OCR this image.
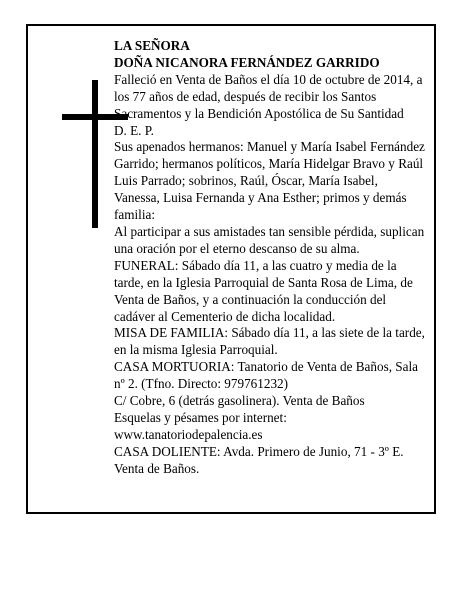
LA SEÑORA

DOÑA NICANORA FERNÁNDEZ GARRIDO

Falleció en Venta de Baños el día 10 de octubre de 2014, a los 77 años de edad, después de recibir los Santos Sacramentos y la Bendición Apostólica de Su Santidad

D. E. P.

Sus apenados hermanos: Manuel y María Isabel Fernández Garrido; hermanos políticos, María Hidelgar Bravo y Raúl Luis Parrado; sobrinos, Raúl, Óscar, María Isabel, Vanessa, Luisa Fernanda y Ana Esther; primos y demás familia:

Al participar a sus amistades tan sensible pérdida, suplican una oración por el eterno descanso de su alma.

FUNERAL: Sábado día 11, a las cuatro y media de la tarde, en la Iglesia Parroquial de Santa Rosa de Lima, de Venta de Baños, y a continuación la conducción del cadáver al Cementerio de dicha localidad.

MISA DE FAMILIA: Sábado día 11, a las siete de la tarde, en la misma Iglesia Parroquial.

CASA MORTUORIA: Tanatorio de Venta de Baños, Sala nº 2. (Tfno. Directo: 979761232)

C/ Cobre, 6 (detrás gasolinera). Venta de Baños

Esquelas y pésames por internet:

www.tanatoriodepalencia.es

CASA DOLIENTE: Avda. Primero de Junio, 71 - 3º E. Venta de Baños.
